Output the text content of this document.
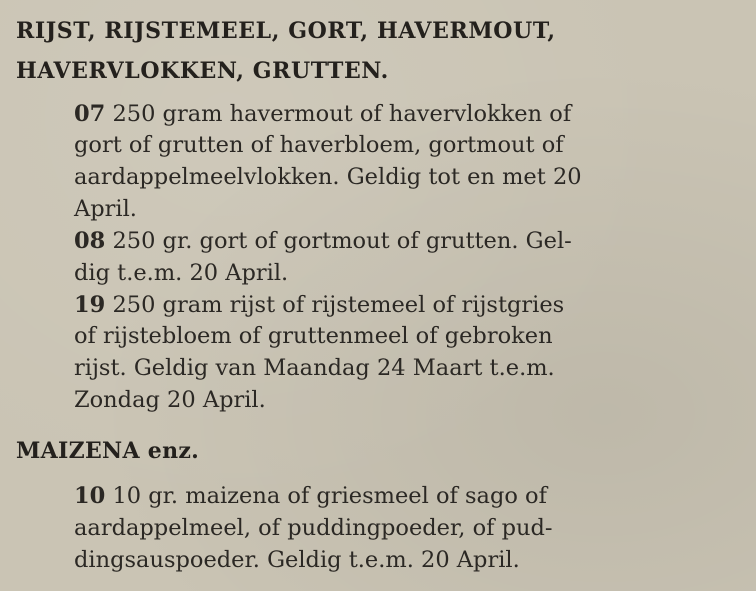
RIJST, RIJSTEMEEL, GORT, HAVERMOUT,
HAVERVLOKKEN, GRUTTEN.
07 250 gram havermout of havervlokken of
gort of grutten of haverbloem, gortmout of
aardappelmeelvlokken. Geldig tot en met 20
April.
08 250 gr. gort of gortmout of grutten. Gel-
dig t.e.m. 20 April.
19 250 gram rijst of rijstemeel of rijstgries
of rijstebloem of gruttenmeel of gebroken
rijst. Geldig van Maandag 24 Maart t.e.m.
Zondag 20 April.
MAIZENA enz.
10 10 gr. maizena of griesmeel of sago of
aardappelmeel, of puddingpoeder, of pud-
dingsauspoeder. Geldig t.e.m. 20 April.
